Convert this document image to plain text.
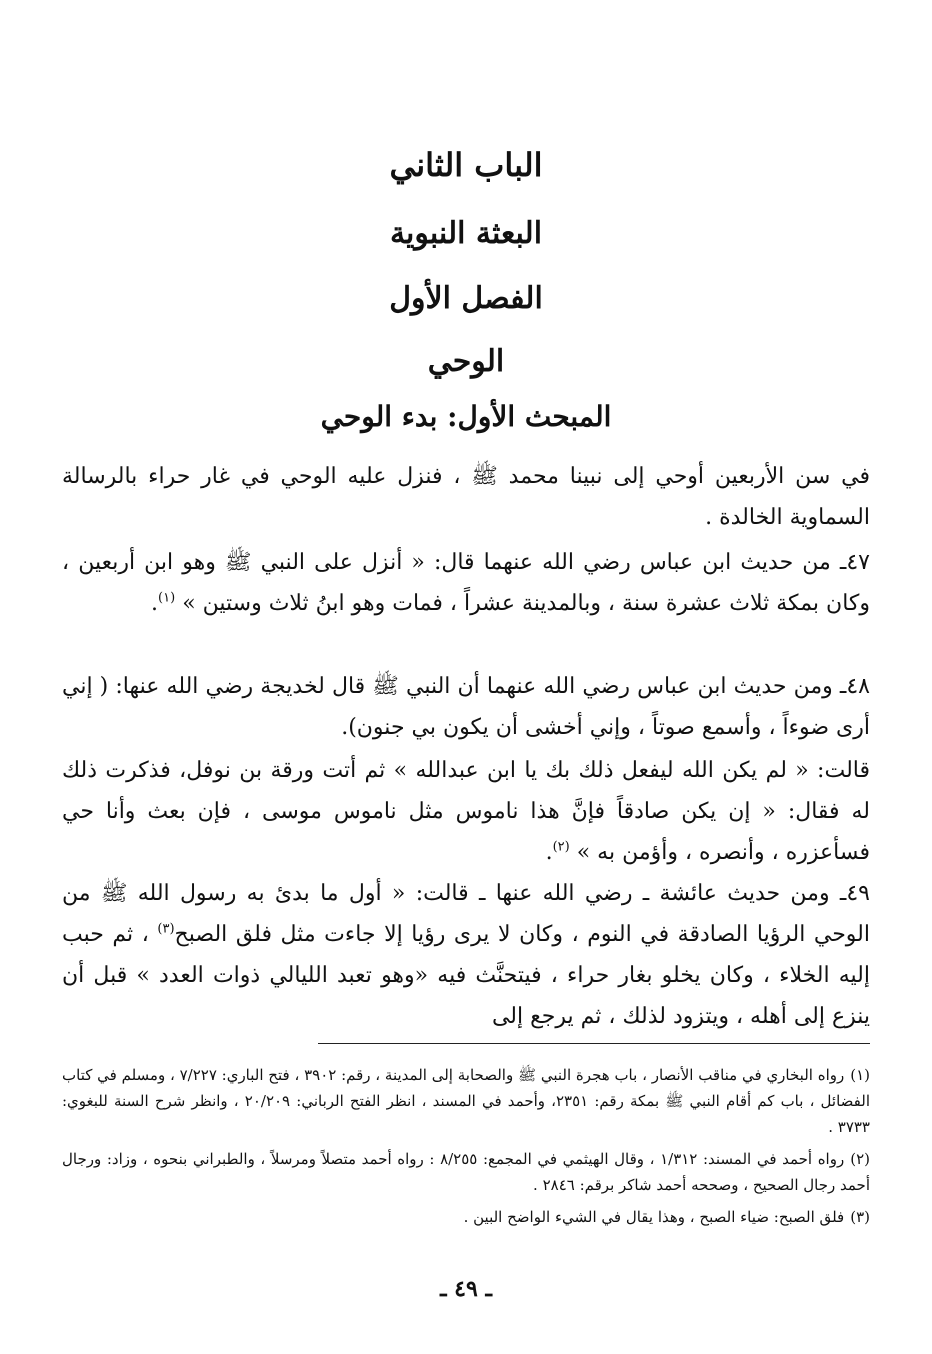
الباب الثاني
البعثة النبوية
الفصل الأول
الوحي
المبحث الأول: بدء الوحي

في سن الأربعين أوحي إلى نبينا محمد ﷺ ، فنزل عليه الوحي في غار حراء بالرسالة السماوية الخالدة .

٤٧ـ من حديث ابن عباس رضي الله عنهما قال: « أنزل على النبي ﷺ وهو ابن أربعين ، وكان بمكة ثلاث عشرة سنة ، وبالمدينة عشراً ، فمات وهو ابنُ ثلاث وستين » $^{(١)}$.

٤٨ـ ومن حديث ابن عباس رضي الله عنهما أن النبي ﷺ قال لخديجة رضي الله عنها: ( إني أرى ضوءاً ، وأسمع صوتاً ، وإني أخشى أن يكون بي جنون).

قالت: « لم يكن الله ليفعل ذلك بك يا ابن عبدالله » ثم أتت ورقة بن نوفل، فذكرت ذلك له فقال: « إن يكن صادقاً فإنَّ هذا ناموس مثل ناموس موسى ، فإن بعث وأنا حي فسأعزره ، وأنصره ، وأؤمن به » $^{(٢)}$.

٤٩ـ ومن حديث عائشة ـ رضي الله عنها ـ قالت: « أول ما بدئ به رسول الله ﷺ من الوحي الرؤيا الصادقة في النوم ، وكان لا يرى رؤيا إلا جاءت مثل فلق الصبح$^{(٣)}$ ، ثم حبب إليه الخلاء ، وكان يخلو بغار حراء ، فيتحنَّث فيه «وهو تعبد الليالي ذوات العدد » قبل أن ينزع إلى أهله ، ويتزود لذلك ، ثم يرجع إلى

(١)رواه البخاري في مناقب الأنصار ، باب هجرة النبي ﷺ والصحابة إلى المدينة ، رقم: ٣٩٠٢ ، فتح الباري: ٧/٢٢٧ ، ومسلم في كتاب الفضائل ، باب كم أقام النبي ﷺ بمكة رقم: ٢٣٥١، وأحمد في المسند ، انظر الفتح الرباني: ٢٠/٢٠٩ ، وانظر شرح السنة للبغوي: ٣٧٣٣ .

(٢)رواه أحمد في المسند: ١/٣١٢ ، وقال الهيثمي في المجمع: ٨/٢٥٥ : رواه أحمد متصلاً ومرسلاً ، والطبراني بنحوه ، وزاد: ورجال أحمد رجال الصحيح ، وصححه أحمد شاكر برقم: ٢٨٤٦ .

(٣)فلق الصبح: ضياء الصبح ، وهذا يقال في الشيء الواضح البين .

ـ ٤٩ ـ
